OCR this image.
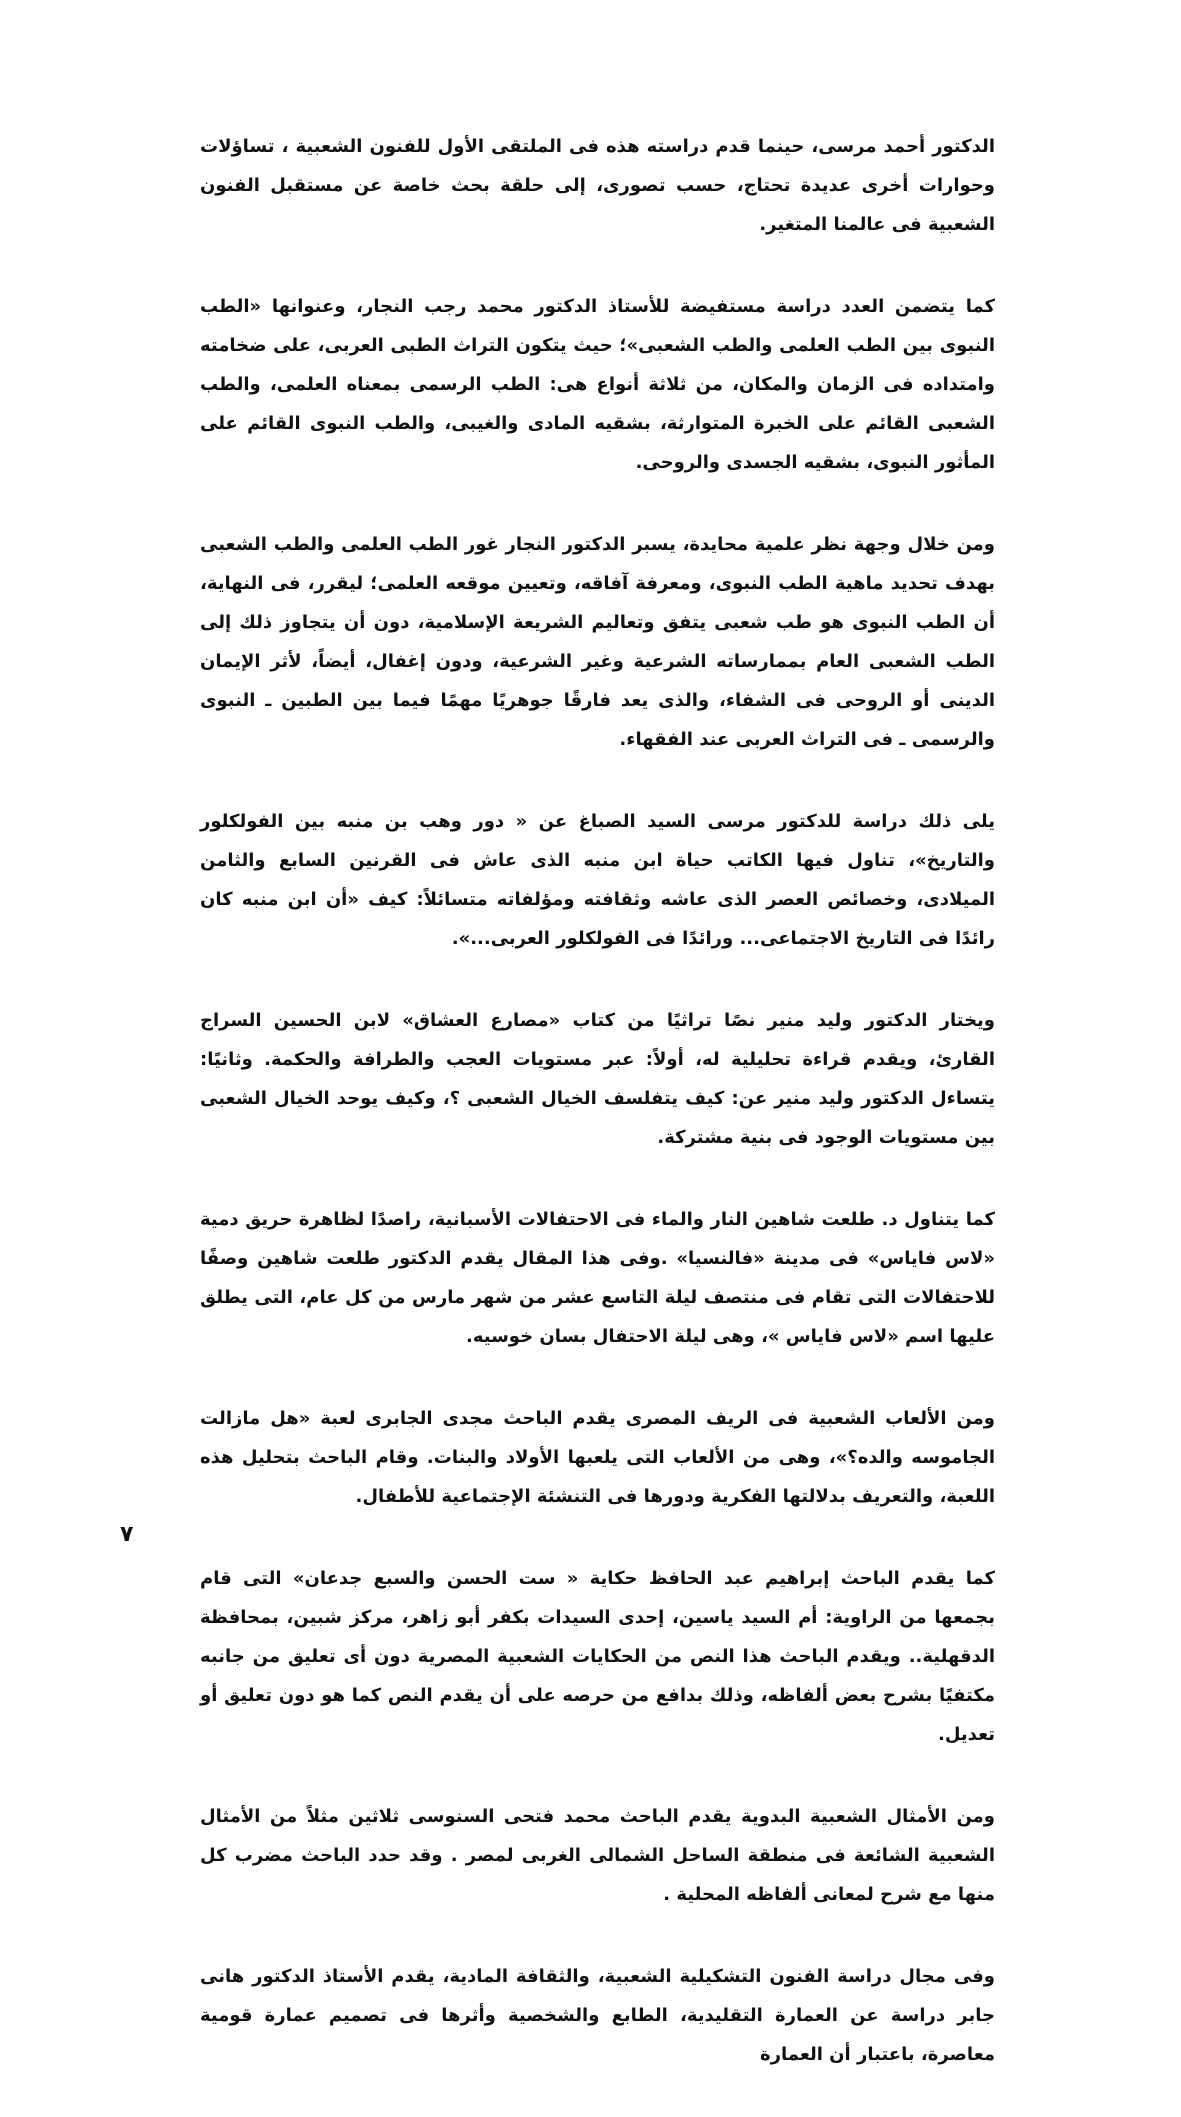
الدكتور أحمد مرسى، حينما قدم دراسته هذه فى الملتقى الأول للفنون الشعبية ، تساؤلات وحوارات أخرى عديدة تحتاج، حسب تصورى، إلى حلقة بحث خاصة عن مستقبل الفنون الشعبية فى عالمنا المتغير.

كما يتضمن العدد دراسة مستفيضة للأستاذ الدكتور محمد رجب النجار، وعنوانها «الطب النبوى بين الطب العلمى والطب الشعبى»؛ حيث يتكون التراث الطبى العربى، على ضخامته وامتداده فى الزمان والمكان، من ثلاثة أنواع هى: الطب الرسمى بمعناه العلمى، والطب الشعبى القائم على الخبرة المتوارثة، بشقيه المادى والغيبى، والطب النبوى القائم على المأثور النبوى، بشقيه الجسدى والروحى.

ومن خلال وجهة نظر علمية محايدة، يسبر الدكتور النجار غور الطب العلمى والطب الشعبى بهدف تحديد ماهية الطب النبوى، ومعرفة آفاقه، وتعيين موقعه العلمى؛ ليقرر، فى النهاية، أن الطب النبوى هو طب شعبى يتفق وتعاليم الشريعة الإسلامية، دون أن يتجاوز ذلك إلى الطب الشعبى العام بممارساته الشرعية وغير الشرعية، ودون إغفال، أيضاً، لأثر الإيمان الدينى أو الروحى فى الشفاء، والذى يعد فارقًا جوهريًا مهمًا فيما بين الطبين ـ النبوى والرسمى ـ فى التراث العربى عند الفقهاء.

يلى ذلك دراسة للدكتور مرسى السيد الصباغ عن « دور وهب بن منبه بين الفولكلور والتاريخ»، تناول فيها الكاتب حياة ابن منبه الذى عاش فى القرنين السابع والثامن الميلادى، وخصائص العصر الذى عاشه وثقافته ومؤلفاته متسائلاً: كيف «أن ابن منبه كان رائدًا فى التاريخ الاجتماعى... ورائدًا فى الفولكلور العربى...».

ويختار الدكتور وليد منير نصًا تراثيًا من كتاب «مصارع العشاق» لابن الحسين السراج القارئ، ويقدم قراءة تحليلية له، أولاً: عبر مستويات العجب والطرافة والحكمة. وثانيًا: يتساءل الدكتور وليد منير عن: كيف يتفلسف الخيال الشعبى ؟، وكيف يوحد الخيال الشعبى بين مستويات الوجود فى بنية مشتركة.

كما يتناول د. طلعت شاهين النار والماء فى الاحتفالات الأسبانية، راصدًا لظاهرة حريق دمية «لاس فاياس» فى مدينة «فالنسيا» .وفى هذا المقال يقدم الدكتور طلعت شاهين وصفًا للاحتفالات التى تقام فى منتصف ليلة التاسع عشر من شهر مارس من كل عام، التى يطلق عليها اسم «لاس فاياس »، وهى ليلة الاحتفال بسان خوسيه.

ومن الألعاب الشعبية فى الريف المصرى يقدم الباحث مجدى الجابرى لعبة «هل مازالت الجاموسه والده؟»، وهى من الألعاب التى يلعبها الأولاد والبنات. وقام الباحث بتحليل هذه اللعبة، والتعريف بدلالتها الفكرية ودورها فى التنشئة الإجتماعية للأطفال.

كما يقدم الباحث إبراهيم عبد الحافظ حكاية « ست الحسن والسبع جدعان» التى قام بجمعها من الراوية: أم السيد ياسين، إحدى السيدات بكفر أبو زاهر، مركز شبين، بمحافظة الدقهلية.. ويقدم الباحث هذا النص من الحكايات الشعبية المصرية دون أى تعليق من جانبه مكتفيًا بشرح بعض ألفاظه، وذلك بدافع من حرصه على أن يقدم النص كما هو دون تعليق أو تعديل.

ومن الأمثال الشعبية البدوية يقدم الباحث محمد فتحى السنوسى ثلاثين مثلاً من الأمثال الشعبية الشائعة فى منطقة الساحل الشمالى الغربى لمصر . وقد حدد الباحث مضرب كل منها مع شرح لمعانى ألفاظه المحلية .

وفى مجال دراسة الفنون التشكيلية الشعبية، والثقافة المادية، يقدم الأستاذ الدكتور هانى جابر دراسة عن العمارة التقليدية، الطابع والشخصية وأثرها فى تصميم عمارة قومية معاصرة، باعتبار أن العمارة

٧
